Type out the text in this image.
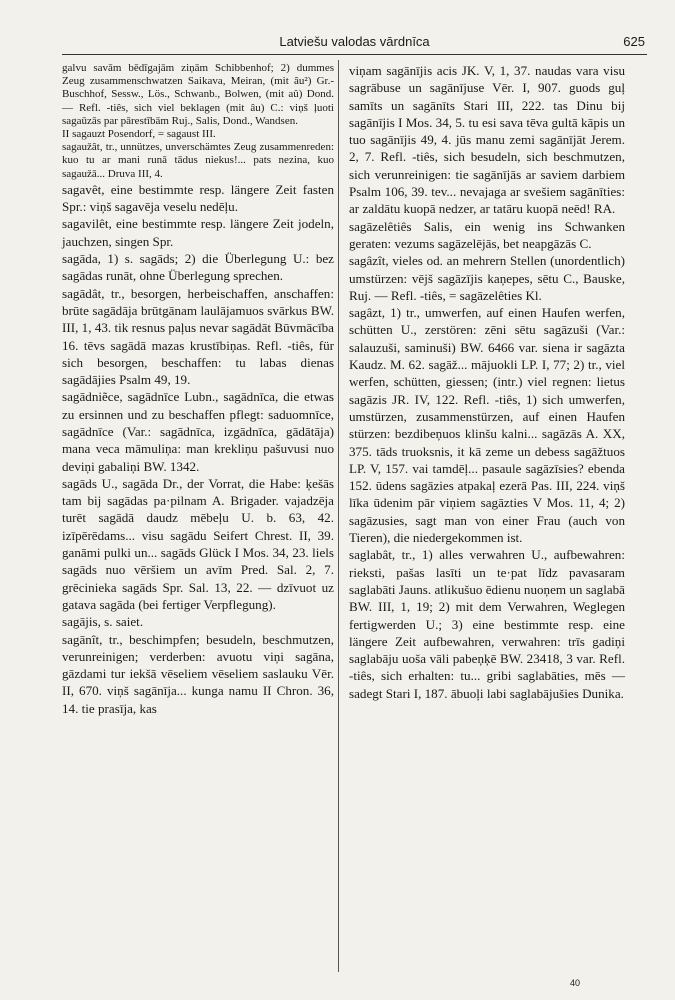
Latviešu valodas vārdnīca	625

galvu savām bēdīgajām ziņām Schibbenhof; 2) dummes Zeug zusammenschwatzen Saikava, Meiran, (mit âu²) Gr.-Buschhof, Sessw., Lös., Schwanb., Bolwen, (mit aû) Dond. — Refl. -tiês, sich viel beklagen (mit âu) C.: viņš ļuoti sagaūzās par pārestībām Ruj., Salis, Dond., Wandsen.

II sagauzt Posendorf, = sagaust III.

sagaužât, tr., unnützes, unverschämtes Zeug zusammenreden: kuo tu ar mani runā tādus niekus!... pats nezina, kuo sagaužā... Druva III, 4.

sagavêt, eine bestimmte resp. längere Zeit fasten Spr.: viņš sagavēja veselu nedēļu.

sagavilêt, eine bestimmte resp. längere Zeit jodeln, jauchzen, singen Spr.

sagāda, 1) s. sagāds; 2) die Überlegung U.: bez sagādas runāt, ohne Überlegung sprechen.

sagādât, tr., besorgen, herbeischaffen, anschaffen: brūte sagādāja brūtgānam laulājamuos svārkus BW. III, 1, 43. tik resnus paļus nevar sagādāt Būvmācība 16. tēvs sagādā mazas krustībiņas. Refl. -tiês, für sich besorgen, beschaffen: tu labas dienas sagādājies Psalm 49, 19.

sagādniẽce, sagādnīce Lubn., sagādnīca, die etwas zu ersinnen und zu beschaffen pflegt: saduomnīce, sagādnīce (Var.: sagādnīca, izgādnīca, gādātāja) mana veca māmuliņa: man krekliņu pašuvusi nuo deviņi gabaliņi BW. 1342.

sagāds U., sagāda Dr., der Vorrat, die Habe: ķešās tam bij sagādas pa·pilnam A. Brigader. vajadzēja turēt sagādā daudz mēbeļu U. b. 63, 42. izīpērēdams... visu sagādu Seifert Chrest. II, 39. ganāmi pulki un... sagāds Glück I Mos. 34, 23. liels sagāds nuo vēršiem un avīm Pred. Sal. 2, 7. grēcinieka sagāds Spr. Sal. 13, 22. — dzīvuot uz gatava sagāda (bei fertiger Verpflegung).

sagājis, s. saiet.

sagānît, tr., beschimpfen; besudeln, beschmutzen, verunreinigen; verderben: avuotu viņi sagāna, gāzdami tur iekšā vēseliem vēseliem saslauku Vēr. II, 670. viņš sagānīja... kunga namu II Chron. 36, 14. tie prasīja, kas

viņam sagānījis acis JK. V, 1, 37. naudas vara visu sagrābuse un sagānījuse Vēr. I, 907. guods guļ samīts un sagānīts Stari III, 222. tas Dinu bij sagānījis I Mos. 34, 5. tu esi sava tēva gultā kāpis un tuo sagānījis 49, 4. jūs manu zemi sagānījāt Jerem. 2, 7. Refl. -tiês, sich besudeln, sich beschmutzen, sich verunreinigen: tie sagānījās ar saviem darbiem Psalm 106, 39. tev... nevajaga ar svešiem sagānīties: ar zaldātu kuopā nedzer, ar tatāru kuopā neēd! RA.

sagāzelêtiês Salis, ein wenig ins Schwanken geraten: vezums sagāzelējās, bet neapgāzās C.

sagâzît, vieles od. an mehrern Stellen (unordentlich) umstürzen: vējš sagāzījis kaņepes, sētu C., Bauske, Ruj. — Refl. -tiês, = sagāzelêties Kl.

sagâzt, 1) tr., umwerfen, auf einen Haufen werfen, schütten U., zerstören: zēni sētu sagāzuši (Var.: salauzuši, saminuši) BW. 6466 var. siena ir sagāzta Kaudz. M. 62. sagāž... mājuokli LP. I, 77; 2) tr., viel werfen, schütten, giessen; (intr.) viel regnen: lietus sagāzis JR. IV, 122. Refl. -tiês, 1) sich umwerfen, umstürzen, zusammenstürzen, auf einen Haufen stürzen: bezdibeņuos klinšu kalni... sagāzās A. XX, 375. tāds truoksnis, it kā zeme un debess sagāžtuos LP. V, 157. vai tamdēļ... pasaule sagāzīsies? ebenda 152. ūdens sagāzies atpakaļ ezerā Pas. III, 224. viņš līka ūdenim pār viņiem sagāzties V Mos. 11, 4; 2) sagāzusies, sagt man von einer Frau (auch von Tieren), die niedergekommen ist.

saglabât, tr., 1) alles verwahren U., aufbewahren: rieksti, pašas lasīti un te·pat līdz pavasaram saglabāti Jauns. atlikušuo ēdienu nuoņem un saglabā BW. III, 1, 19; 2) mit dem Verwahren, Weglegen fertigwerden U.; 3) eine bestimmte resp. eine längere Zeit aufbewahren, verwahren: trīs gadiņi saglabāju uoša vāli pabeņķē BW. 23418, 3 var. Refl. -tiês, sich erhalten: tu... gribi saglabāties, mēs — sadegt Stari I, 187. ābuoļi labi saglabājušies Dunika.

40
